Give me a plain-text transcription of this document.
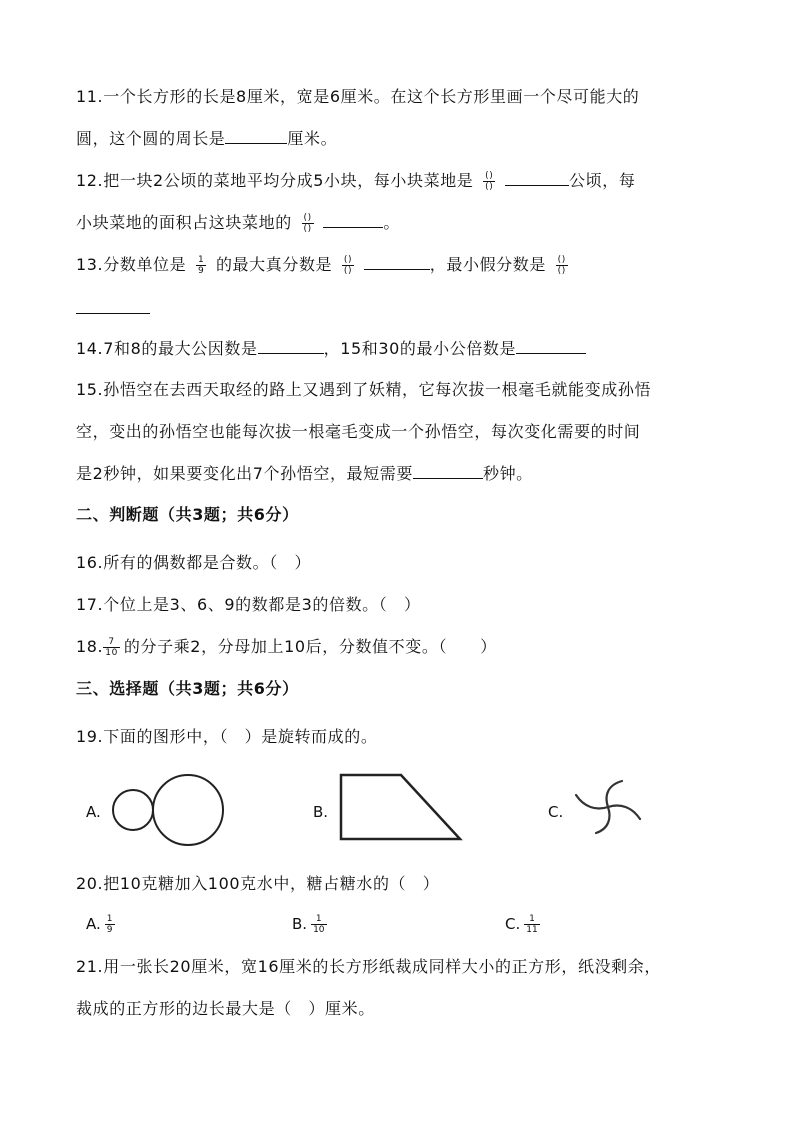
11.一个长方形的长是8厘米，宽是6厘米。在这个长方形里画一个尽可能大的
圆，这个圆的周长是	厘米。
12.把一块2公顷的菜地平均分成5小块，每小块菜地是 $\frac{()}{()}$	公顷，每
小块菜地的面积占这块菜地的 $\frac{()}{()}$	。
13.分数单位是 $\frac{1}{9}$ 的最大真分数是 $\frac{()}{()}$	，最小假分数是 $\frac{()}{()}$
14.7和8的最大公因数是	，15和30的最小公倍数是
15.孙悟空在去西天取经的路上又遇到了妖精，它每次拔一根毫毛就能变成孙悟
空，变出的孙悟空也能每次拔一根毫毛变成一个孙悟空，每次变化需要的时间
是2秒钟，如果要变化出7个孙悟空，最短需要	秒钟。
二、判断题（共3题；共6分）
16.所有的偶数都是合数。（　）
17.个位上是3、6、9的数都是3的倍数。（　）
18. $\frac{7}{10}$ 的分子乘2，分母加上10后，分数值不变。（　　）
三、选择题（共3题；共6分）
19.下面的图形中，（　）是旋转而成的。
A.	B.	C.
20.把10克糖加入100克水中，糖占糖水的（　）
A. $\frac{1}{9}$	B. $\frac{1}{10}$	C. $\frac{1}{11}$
21.用一张长20厘米，宽16厘米的长方形纸裁成同样大小的正方形，纸没剩余，
裁成的正方形的边长最大是（　）厘米。
